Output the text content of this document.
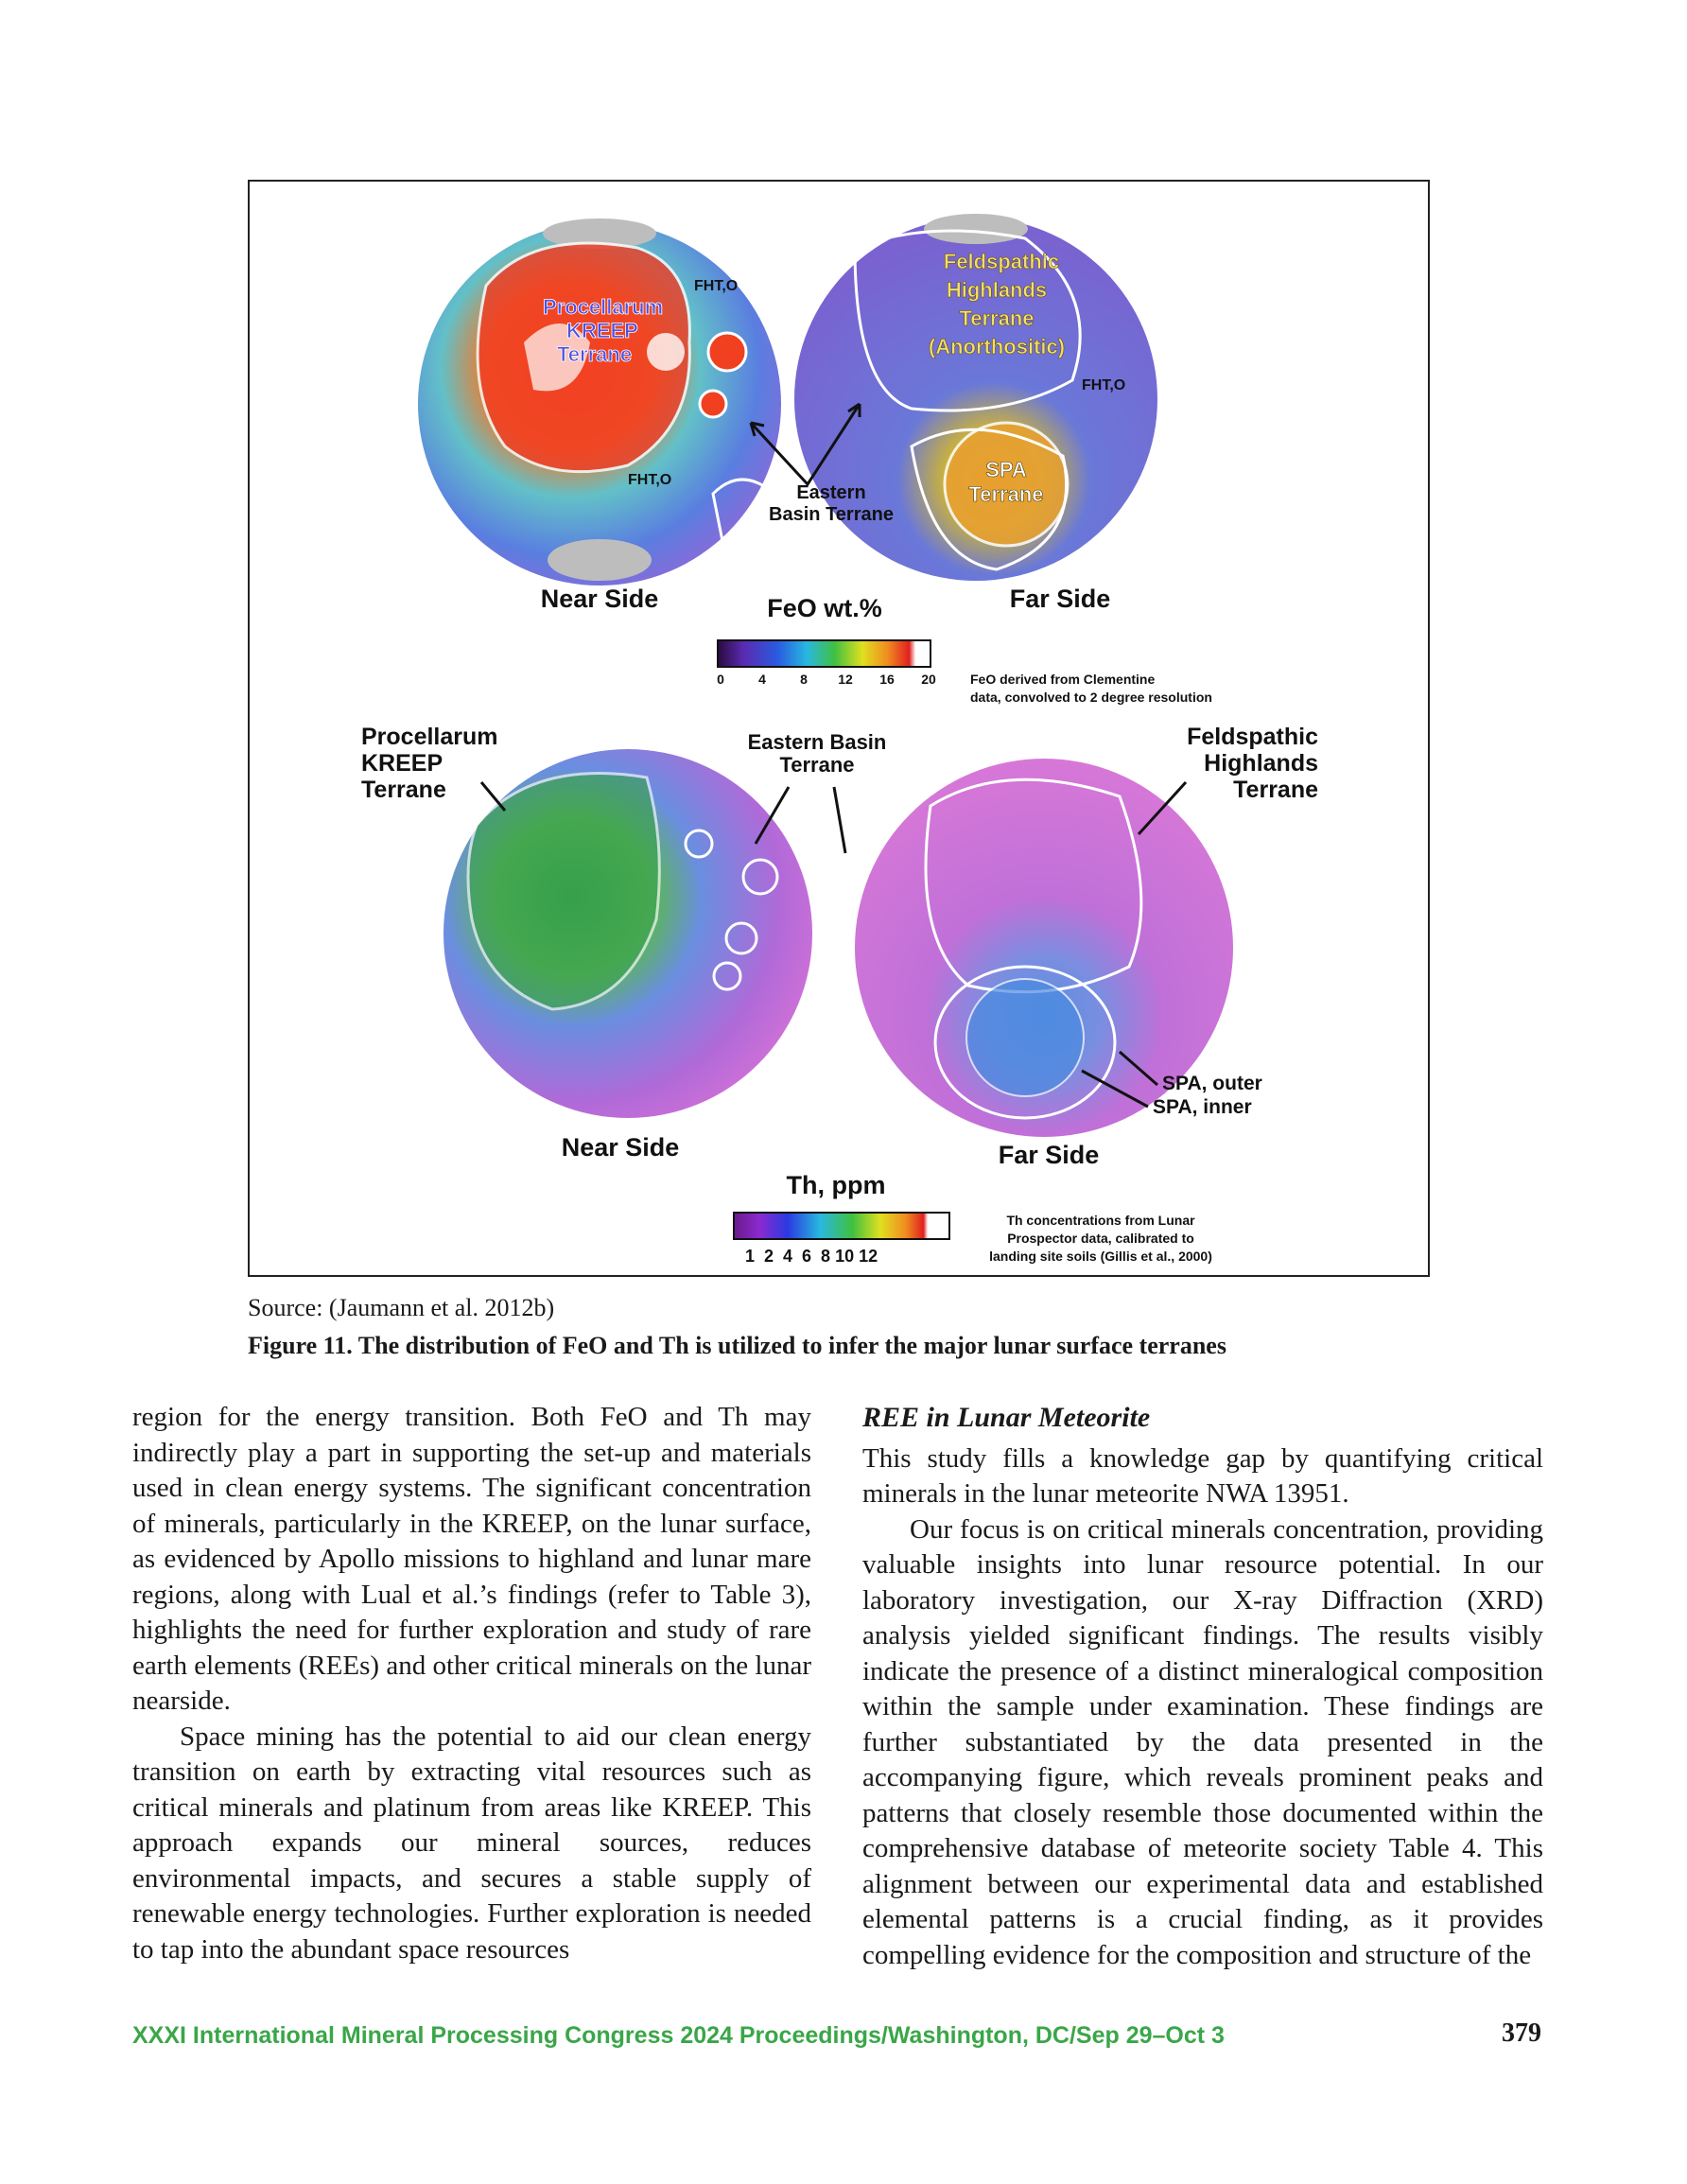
Procellarum
KREEP
Terrane
FHT,O
FHT,O
Feldspathic
Highlands
Terrane
(Anorthositic)
SPA
Terrane
FHT,O
Eastern
Basin Terrane
Near Side	Far Side
FeO wt.%
0	4	8 12 16 20	FeO derived from Clementine
data, convolved to 2 degree resolution
Procellarum
KREEP
Terrane
Eastern Basin
Terrane
Feldspathic
Highlands
Terrane
SPA, outer
SPA, inner
Near Side	Far Side
Th, ppm
1  2  4  6  8 10 12
Th concentrations from Lunar
Prospector data, calibrated to
landing site soils (Gillis et al., 2000)
Source: (Jaumann et al. 2012b)
Figure 11. The distribution of FeO and Th is utilized to infer the major lunar surface terranes

region for the energy transition. Both FeO and Th may indirectly play a part in supporting the set-up and materials used in clean energy systems. The significant concentration of minerals, particularly in the KREEP, on the lunar surface, as evidenced by Apollo missions to highland and lunar mare regions, along with Lual et al.’s findings (refer to Table 3), highlights the need for further exploration and study of rare earth elements (REEs) and other critical minerals on the lunar nearside.

Space mining has the potential to aid our clean energy transition on earth by extracting vital resources such as critical minerals and platinum from areas like KREEP. This approach expands our mineral sources, reduces environmental impacts, and secures a stable supply of renewable energy technologies. Further exploration is needed to tap into the abundant space resources

REE in Lunar Meteorite

This study fills a knowledge gap by quantifying critical minerals in the lunar meteorite NWA 13951.

Our focus is on critical minerals concentration, providing valuable insights into lunar resource potential. In our laboratory investigation, our X-ray Diffraction (XRD) analysis yielded significant findings. The results visibly indicate the presence of a distinct mineralogical composition within the sample under examination. These findings are further substantiated by the data presented in the accompanying figure, which reveals prominent peaks and patterns that closely resemble those documented within the comprehensive database of meteorite society Table 4. This alignment between our experimental data and established elemental patterns is a crucial finding, as it provides compelling evidence for the composition and structure of the

XXXI International Mineral Processing Congress 2024 Proceedings/Washington, DC/Sep 29–Oct 3	379
